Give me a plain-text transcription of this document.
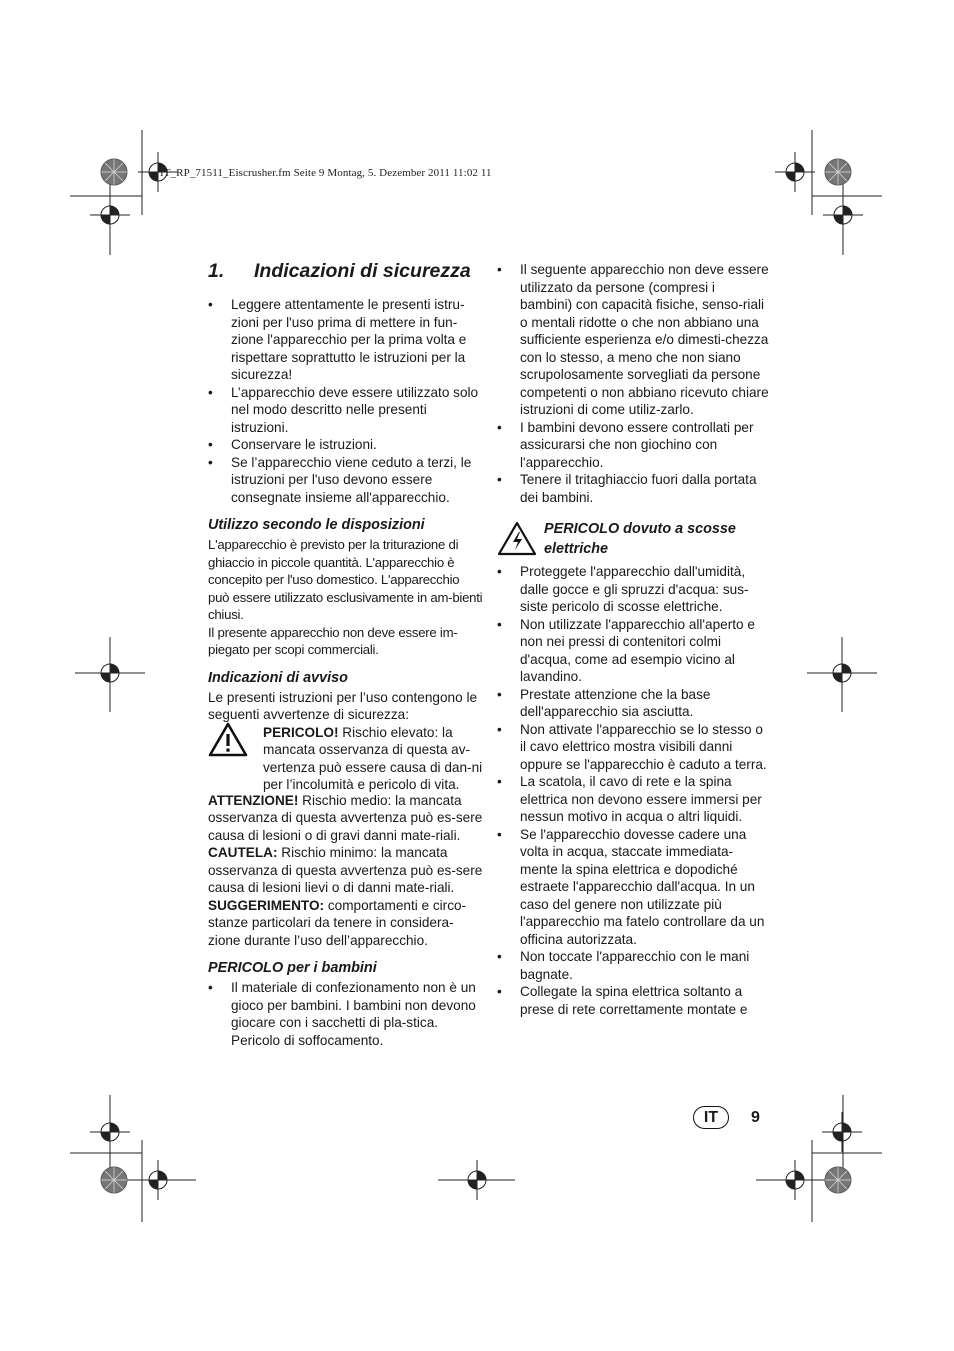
IT_RP_71511_Eiscrusher.fm Seite 9 Montag, 5. Dezember 2011 11:02 11
1.	Indicazioni di sicurezza
• Leggere attentamente le presenti istru-zioni per l'uso prima di mettere in fun-zione l'apparecchio per la prima volta e rispettare soprattutto le istruzioni per la sicurezza!
• L’apparecchio deve essere utilizzato solo nel modo descritto nelle presenti istruzioni.
• Conservare le istruzioni.
• Se l’apparecchio viene ceduto a terzi, le istruzioni per l'uso devono essere consegnate insieme all'apparecchio.
Utilizzo secondo le disposizioni

L'apparecchio è previsto per la triturazione di ghiaccio in piccole quantità. L'apparecchio è concepito per l'uso domestico. L'apparecchio può essere utilizzato esclusivamente in am-bienti chiusi.

Il presente apparecchio non deve essere im-piegato per scopi commerciali.

Indicazioni di avviso

Le presenti istruzioni per l’uso contengono le seguenti avvertenze di sicurezza:

PERICOLO! Rischio elevato: la mancata osservanza di questa av-vertenza può essere causa di dan-ni per l’incolumità e pericolo di vita.

ATTENZIONE! Rischio medio: la mancata osservanza di questa avvertenza può es-sere causa di lesioni o di gravi danni mate-riali.

CAUTELA: Rischio minimo: la mancata osservanza di questa avvertenza può es-sere causa di lesioni lievi o di danni mate-riali.

SUGGERIMENTO: comportamenti e circo-stanze particolari da tenere in considera-zione durante l’uso dell’apparecchio.

PERICOLO per i bambini
• Il materiale di confezionamento non è un gioco per bambini. I bambini non devono giocare con i sacchetti di pla-stica. Pericolo di soffocamento.
• Il seguente apparecchio non deve essere utilizzato da persone (compresi i bambini) con capacità fisiche, senso-riali o mentali ridotte o che non abbiano una sufficiente esperienza e/o dimesti-chezza con lo stesso, a meno che non siano scrupolosamente sorvegliati da persone competenti o non abbiano ricevuto chiare istruzioni di come utiliz-zarlo.
• I bambini devono essere controllati per assicurarsi che non giochino con l'apparecchio.
• Tenere il tritaghiaccio fuori dalla portata dei bambini.
PERICOLO dovuto a scosse elettriche
• Proteggete l'apparecchio dall'umidità, dalle gocce e gli spruzzi d'acqua: sus-siste pericolo di scosse elettriche.
• Non utilizzate l'apparecchio all'aperto e non nei pressi di contenitori colmi d'acqua, come ad esempio vicino al lavandino.
• Prestate attenzione che la base dell'apparecchio sia asciutta.
• Non attivate l'apparecchio se lo stesso o il cavo elettrico mostra visibili danni oppure se l'apparecchio è caduto a terra.
• La scatola, il cavo di rete e la spina elettrica non devono essere immersi per nessun motivo in acqua o altri liquidi.
• Se l'apparecchio dovesse cadere una volta in acqua, staccate immediata-mente la spina elettrica e dopodiché estraete l'apparecchio dall'acqua. In un caso del genere non utilizzate più l'apparecchio ma fatelo controllare da un officina autorizzata.
• Non toccate l'apparecchio con le mani bagnate.
• Collegate la spina elettrica soltanto a prese di rete correttamente montate e
IT	9
